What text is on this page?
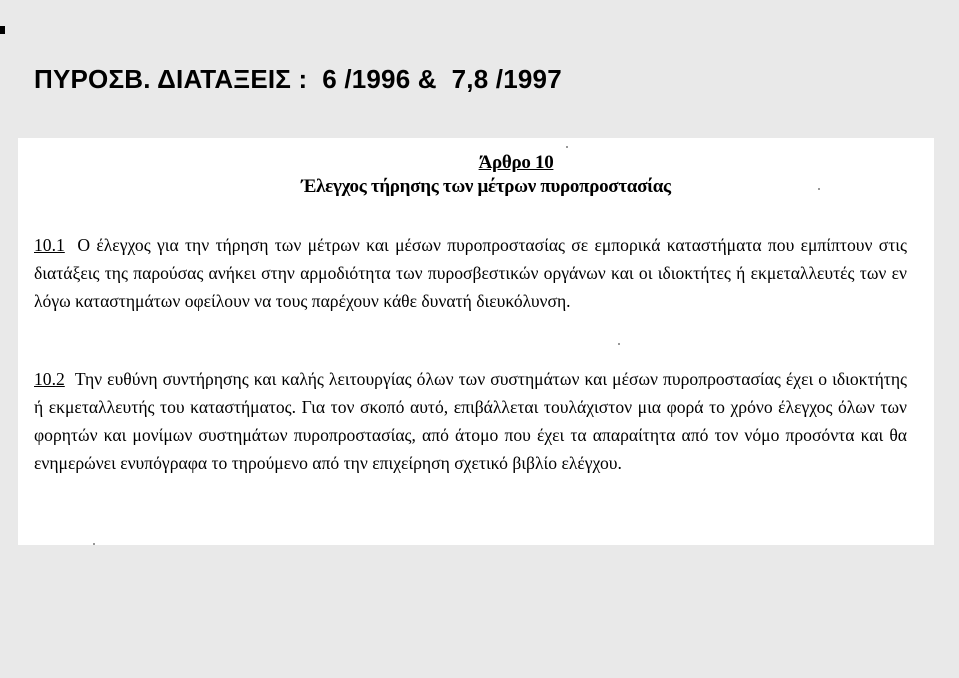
ΠΥΡΟΣΒ. ΔΙΑΤΑΞΕΙΣ :  6 /1996 &  7,8 /1997
Άρθρο 10
Έλεγχος τήρησης των μέτρων πυροπροστασίας

10.1 Ο έλεγχος για την τήρηση των μέτρων και μέσων πυροπροστασίας σε εμπορικά καταστήματα που εμπίπτουν στις διατάξεις της παρούσας ανήκει στην αρμοδιότητα των πυροσβεστικών οργάνων και οι ιδιοκτήτες ή εκμεταλλευτές των εν λόγω καταστημάτων οφείλουν να τους παρέχουν κάθε δυνατή διευκόλυνση.

10.2 Την ευθύνη συντήρησης και καλής λειτουργίας όλων των συστημάτων και μέσων πυροπροστασίας έχει ο ιδιοκτήτης ή εκμεταλλευτής του καταστήματος. Για τον σκοπό αυτό, επιβάλλεται τουλάχιστον μια φορά το χρόνο έλεγχος όλων των φορητών και μονίμων συστημάτων πυροπροστασίας, από άτομο που έχει τα απαραίτητα από τον νόμο προσόντα και θα ενημερώνει ενυπόγραφα το τηρούμενο από την επιχείρηση σχετικό βιβλίο ελέγχου.
